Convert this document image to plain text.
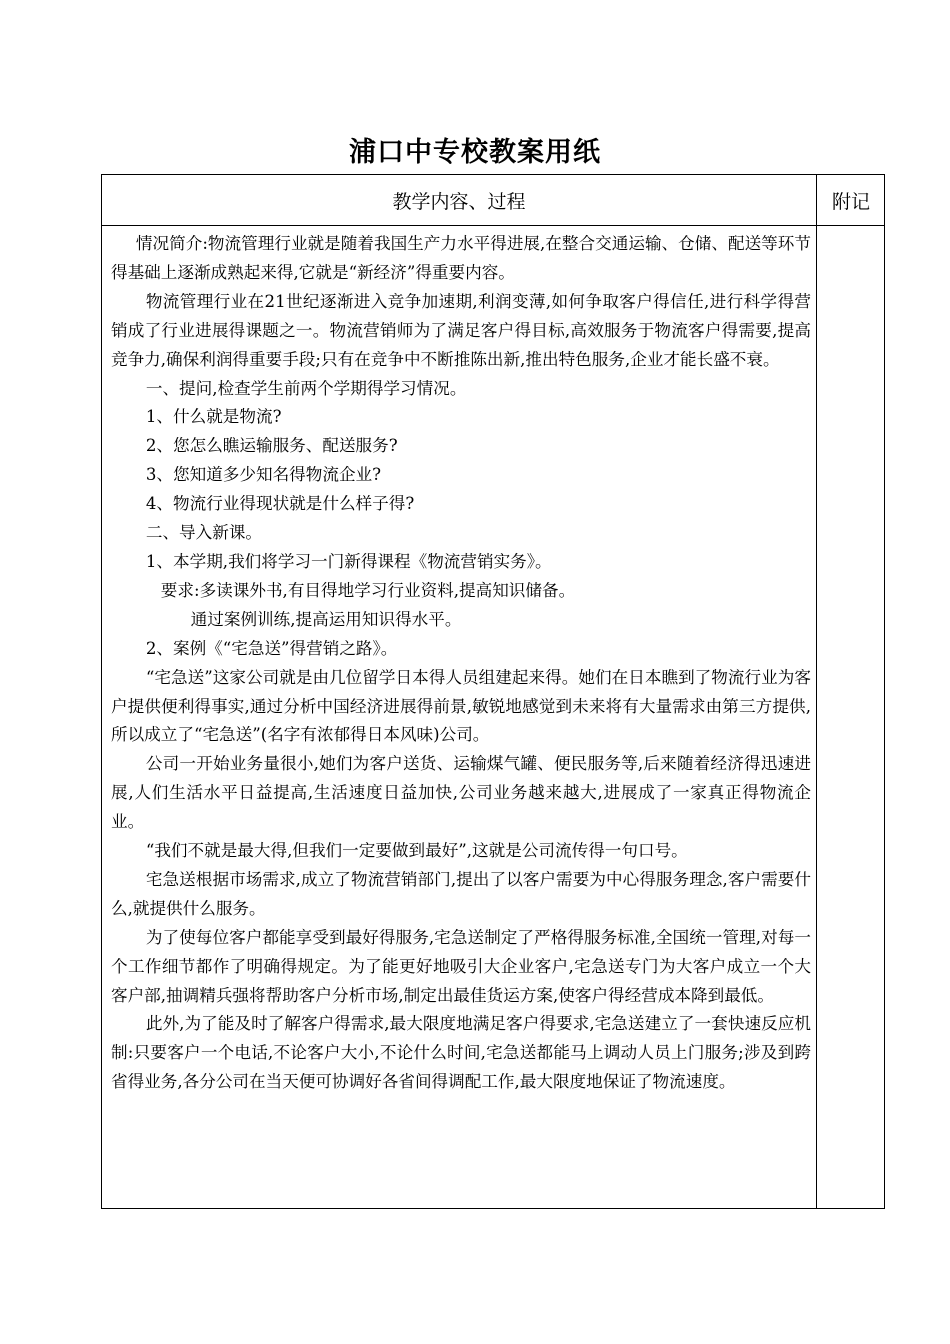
浦口中专校教案用纸
教学内容、过程	附记

情况简介:物流管理行业就是随着我国生产力水平得进展,在整合交通运输、仓储、配送等环节得基础上逐渐成熟起来得,它就是“新经济”得重要内容。

物流管理行业在21世纪逐渐进入竞争加速期,利润变薄,如何争取客户得信任,进行科学得营销成了行业进展得课题之一。物流营销师为了满足客户得目标,高效服务于物流客户得需要,提高竞争力,确保利润得重要手段;只有在竞争中不断推陈出新,推出特色服务,企业才能长盛不衰。

一、提问,检查学生前两个学期得学习情况。

1、什么就是物流?

2、您怎么瞧运输服务、配送服务?

3、您知道多少知名得物流企业?

4、物流行业得现状就是什么样子得?

二、导入新课。

1、本学期,我们将学习一门新得课程《物流营销实务》。

要求:多读课外书,有目得地学习行业资料,提高知识储备。

通过案例训练,提高运用知识得水平。

2、案例《“宅急送”得营销之路》。

“宅急送”这家公司就是由几位留学日本得人员组建起来得。她们在日本瞧到了物流行业为客户提供便利得事实,通过分析中国经济进展得前景,敏锐地感觉到未来将有大量需求由第三方提供,所以成立了“宅急送”(名字有浓郁得日本风味)公司。

公司一开始业务量很小,她们为客户送货、运输煤气罐、便民服务等,后来随着经济得迅速进展,人们生活水平日益提高,生活速度日益加快,公司业务越来越大,进展成了一家真正得物流企业。

“我们不就是最大得,但我们一定要做到最好”,这就是公司流传得一句口号。

宅急送根据市场需求,成立了物流营销部门,提出了以客户需要为中心得服务理念,客户需要什么,就提供什么服务。

为了使每位客户都能享受到最好得服务,宅急送制定了严格得服务标准,全国统一管理,对每一个工作细节都作了明确得规定。为了能更好地吸引大企业客户,宅急送专门为大客户成立一个大客户部,抽调精兵强将帮助客户分析市场,制定出最佳货运方案,使客户得经营成本降到最低。

此外,为了能及时了解客户得需求,最大限度地满足客户得要求,宅急送建立了一套快速反应机制:只要客户一个电话,不论客户大小,不论什么时间,宅急送都能马上调动人员上门服务;涉及到跨省得业务,各分公司在当天便可协调好各省间得调配工作,最大限度地保证了物流速度。
